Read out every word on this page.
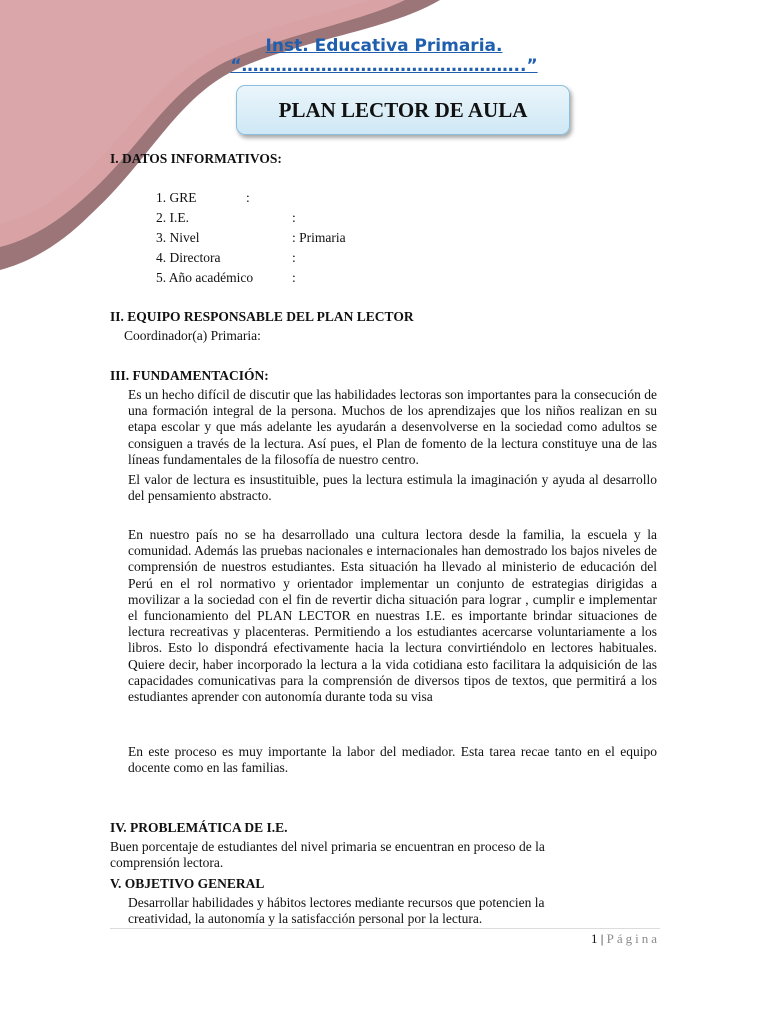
Inst. Educativa Primaria.
“…………………………………………..”
PLAN LECTOR DE AULA
I. DATOS INFORMATIVOS:
1. GRE	:
2. I.E.	:
3. Nivel	: Primaria
4. Directora	:
5. Año académico	:
II. EQUIPO RESPONSABLE DEL PLAN LECTOR
Coordinador(a) Primaria:
III. FUNDAMENTACIÓN:

Es un hecho difícil de discutir que las habilidades lectoras son importantes para la consecución de una formación integral de la persona. Muchos de los aprendizajes que los niños realizan en su etapa escolar y que más adelante les ayudarán a desenvolverse en la sociedad como adultos se consiguen a través de la lectura. Así pues, el Plan de fomento de la lectura constituye una de las líneas fundamentales de la filosofía de nuestro centro.

El valor de lectura es insustituible, pues la lectura estimula la imaginación y ayuda al desarrollo del pensamiento abstracto.

En nuestro país no se ha desarrollado una cultura lectora desde la familia, la escuela y la comunidad. Además las pruebas nacionales e internacionales han demostrado los bajos niveles de comprensión de nuestros estudiantes. Esta situación ha llevado al ministerio de educación del Perú en el rol normativo y orientador implementar un conjunto de estrategias dirigidas a movilizar a la sociedad con el fin de revertir dicha situación para lograr , cumplir e implementar el funcionamiento del PLAN LECTOR en nuestras I.E. es importante brindar situaciones de lectura recreativas y placenteras. Permitiendo a los estudiantes acercarse voluntariamente a los libros. Esto lo dispondrá efectivamente hacia la lectura convirtiéndolo en lectores habituales. Quiere decir, haber incorporado la lectura a la vida cotidiana esto facilitara la adquisición de las capacidades comunicativas para la comprensión de diversos tipos de textos, que permitirá a los estudiantes aprender con autonomía durante toda su visa

En este proceso es muy importante la labor del mediador. Esta tarea recae tanto en el equipo docente como en las familias.

IV. PROBLEMÁTICA DE I.E.

Buen porcentaje de estudiantes del nivel primaria se encuentran en proceso de la comprensión lectora.

V. OBJETIVO GENERAL

Desarrollar habilidades y hábitos lectores mediante recursos que potencien la creatividad, la autonomía y la satisfacción personal por la lectura.

1 | Página
